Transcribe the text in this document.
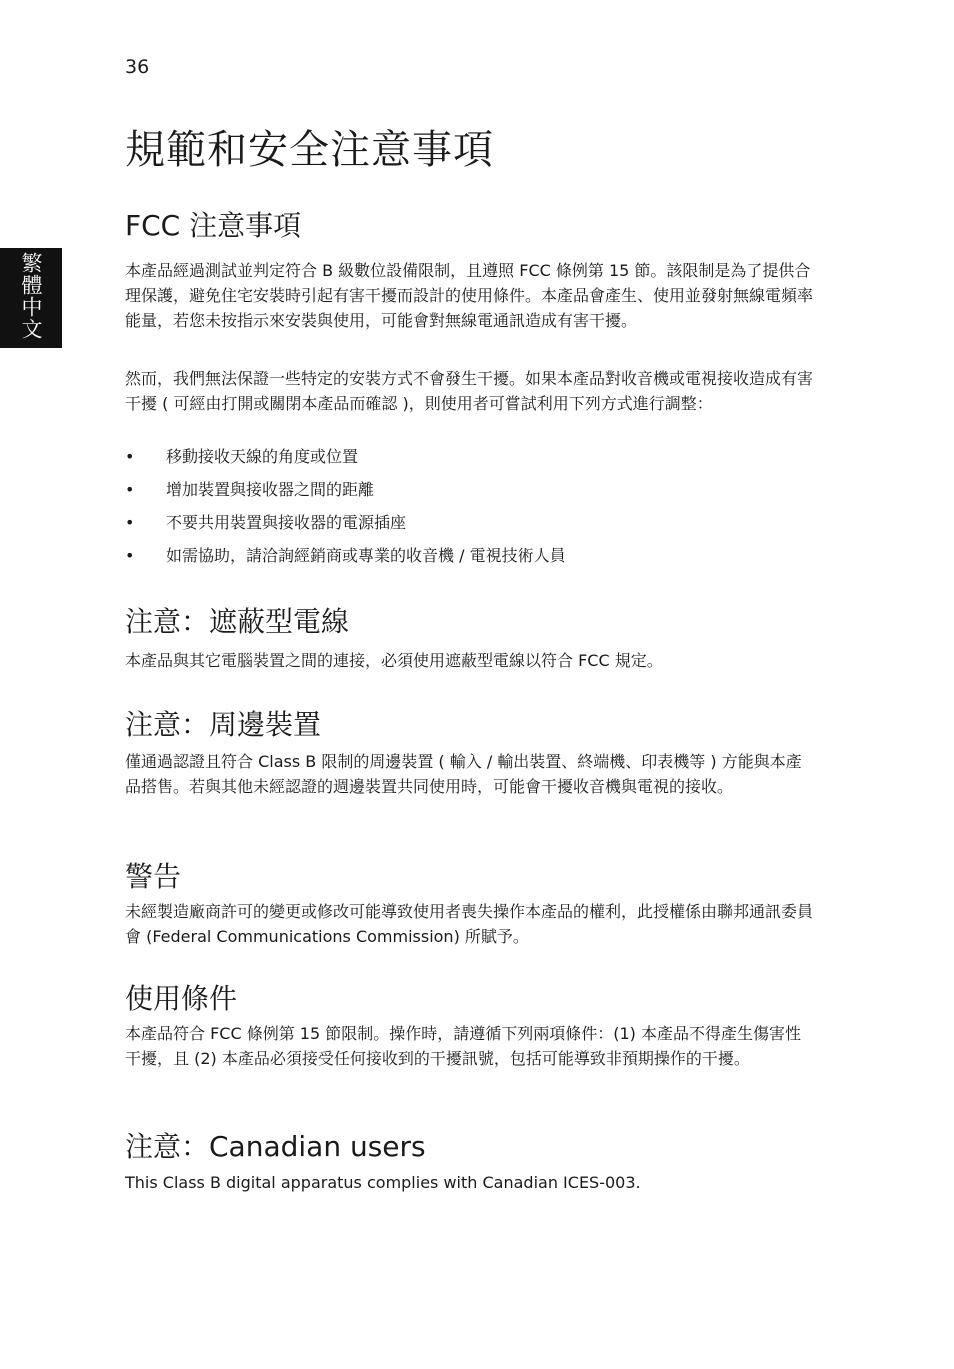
36
繁體中文
規範和安全注意事項
FCC 注意事項

本產品經過測試並判定符合 B 級數位設備限制，且遵照 FCC 條例第 15 節。該限制是為了提供合理保護，避免住宅安裝時引起有害干擾而設計的使用條件。本產品會產生、使用並發射無線電頻率能量，若您未按指示來安裝與使用，可能會對無線電通訊造成有害干擾。

然而，我們無法保證一些特定的安裝方式不會發生干擾。如果本產品對收音機或電視接收造成有害干擾 ( 可經由打開或關閉本產品而確認 )，則使用者可嘗試利用下列方式進行調整：

• 移動接收天線的角度或位置
• 增加裝置與接收器之間的距離
• 不要共用裝置與接收器的電源插座
• 如需協助，請洽詢經銷商或專業的收音機 / 電視技術人員
注意：遮蔽型電線

本產品與其它電腦裝置之間的連接，必須使用遮蔽型電線以符合 FCC 規定。

注意：周邊裝置

僅通過認證且符合 Class B 限制的周邊裝置 ( 輸入 / 輸出裝置、終端機、印表機等 ) 方能與本產品搭售。若與其他未經認證的週邊裝置共同使用時，可能會干擾收音機與電視的接收。

警告

未經製造廠商許可的變更或修改可能導致使用者喪失操作本產品的權利，此授權係由聯邦通訊委員會 (Federal Communications Commission) 所賦予。

使用條件

本產品符合 FCC 條例第 15 節限制。操作時，請遵循下列兩項條件：(1) 本產品不得產生傷害性干擾，且 (2) 本產品必須接受任何接收到的干擾訊號，包括可能導致非預期操作的干擾。

注意：Canadian users

This Class B digital apparatus complies with Canadian ICES-003.
